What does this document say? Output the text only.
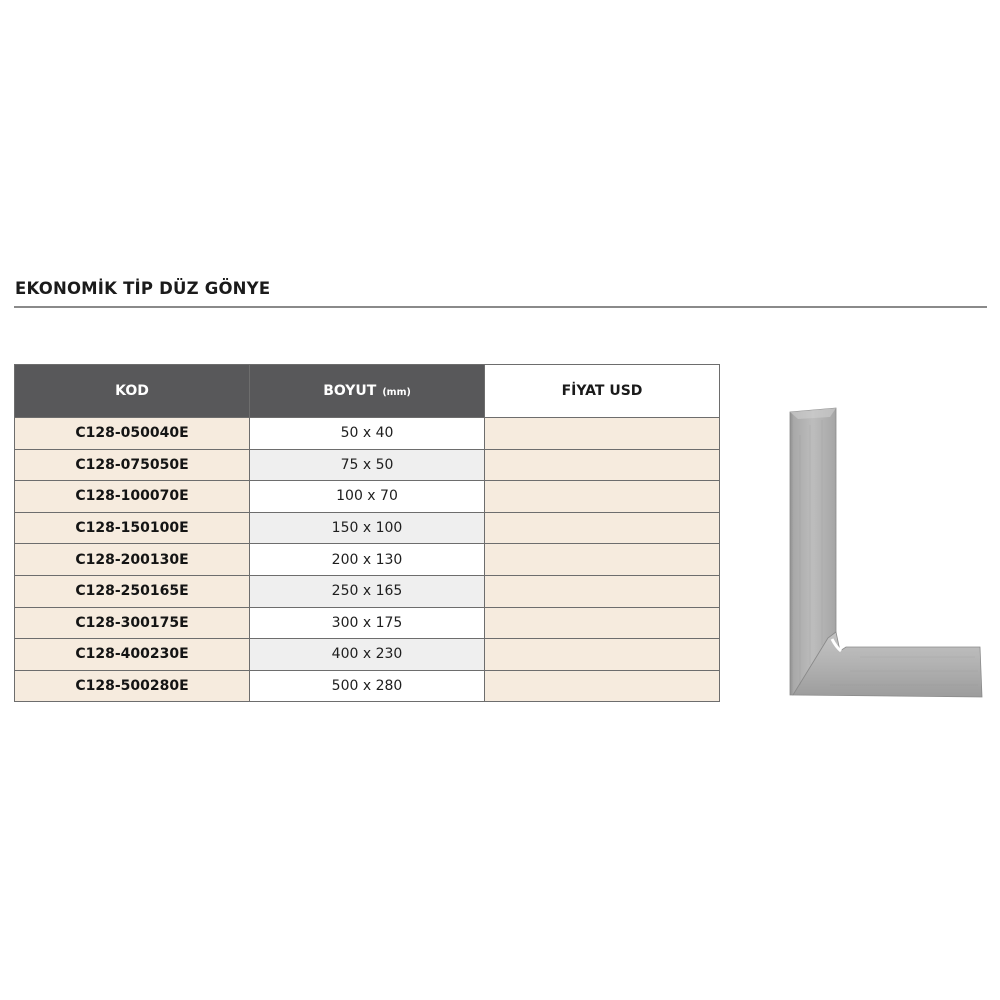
EKONOMİK TİP DÜZ GÖNYE
KOD	BOYUT (mm)	FİYAT USD
C128-050040E	50 x 40	
C128-075050E	75 x 50	
C128-100070E	100 x 70	
C128-150100E	150 x 100	
C128-200130E	200 x 130	
C128-250165E	250 x 165	
C128-300175E	300 x 175	
C128-400230E	400 x 230	
C128-500280E	500 x 280	
